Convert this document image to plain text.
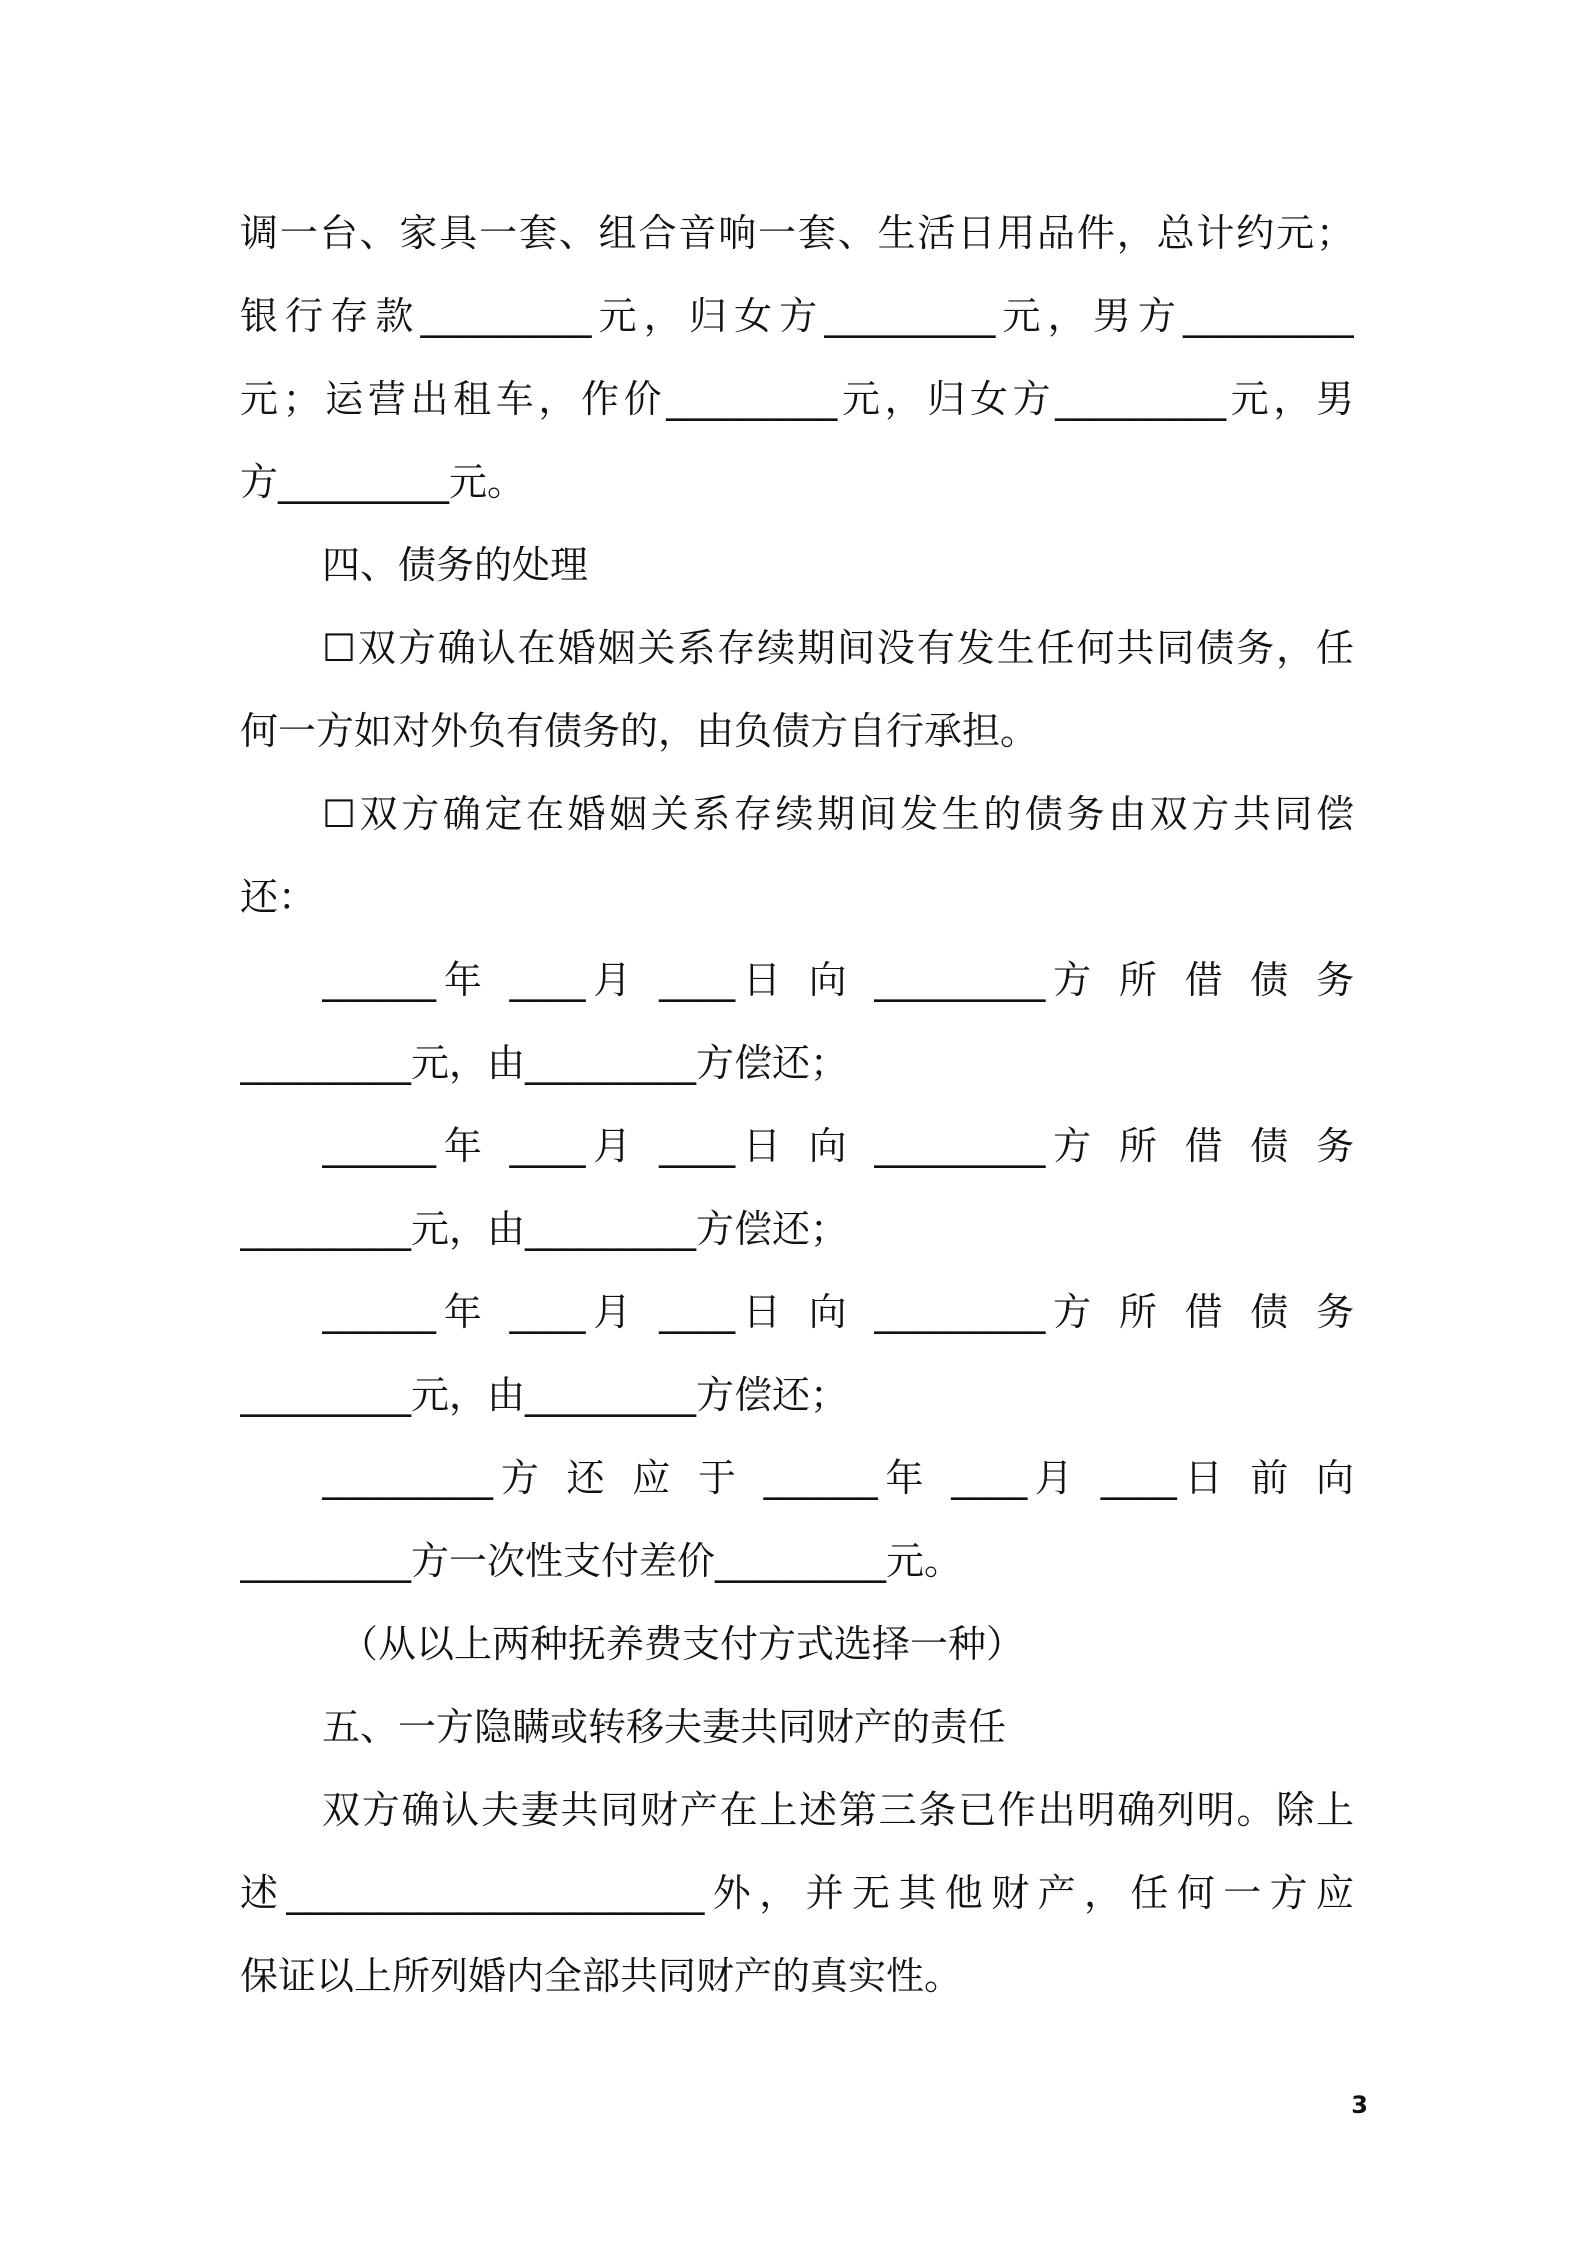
调一台、家具一套、组合音响一套、生活日用品件，总计约元；
银行存款_________元，归女方_________元，男方_________
元；运营出租车，作价_________元，归女方_________元，男
方_________元。
四、债务的处理
☐双方确认在婚姻关系存续期间没有发生任何共同债务，任
何一方如对外负有债务的，由负债方自行承担。
☐双方确定在婚姻关系存续期间发生的债务由双方共同偿
还：
______年 ____月 ____日 向 _________方 所 借 债 务
_________元，由_________方偿还；
______年 ____月 ____日 向 _________方 所 借 债 务
_________元，由_________方偿还；
______年 ____月 ____日 向 _________方 所 借 债 务
_________元，由_________方偿还；
_________方 还 应 于 ______年 ____月 ____日 前 向
_________方一次性支付差价_________元。
（从以上两种抚养费支付方式选择一种）
五、一方隐瞒或转移夫妻共同财产的责任
双方确认夫妻共同财产在上述第三条已作出明确列明。除上
述______________________外，并无其他财产，任何一方应
保证以上所列婚内全部共同财产的真实性。
3
